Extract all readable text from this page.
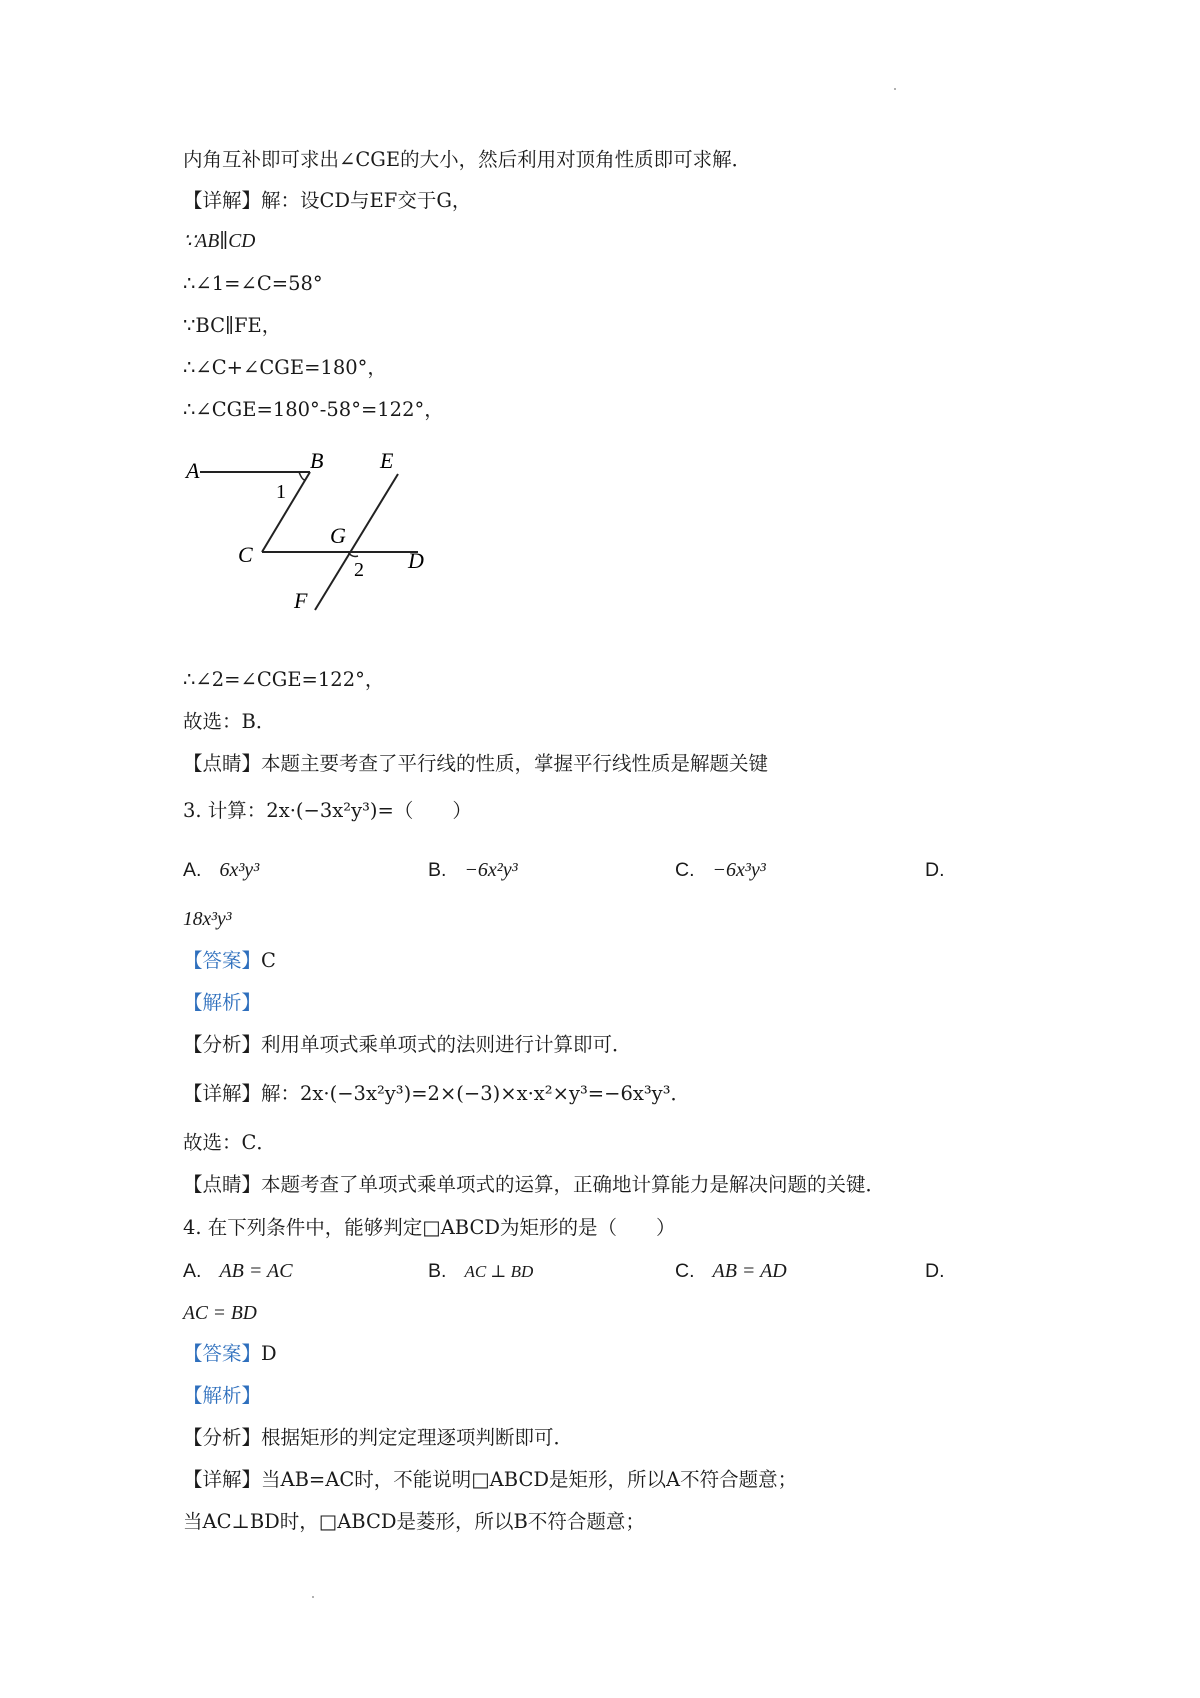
内角互补即可求出∠CGE的大小，然后利用对顶角性质即可求解．
【详解】解：设CD与EF交于G，
∵AB∥CD
∴∠1=∠C=58°
∵BC∥FE，
∴∠C+∠CGE=180°，
∴∠CGE=180°-58°=122°，
A	B	E
1
C
G
2 D
F
∴∠2=∠CGE=122°，
故选：B．
【点睛】本题主要考查了平行线的性质，掌握平行线性质是解题关键
3. 计算：2x·(−3x²y³)=（　　）
A. 6x³y³	B. −6x²y³	C. −6x³y³	D.
18x³y³
【答案】C
【解析】
【分析】利用单项式乘单项式的法则进行计算即可．
【详解】解：2x·(−3x²y³)=2×(−3)×x·x²×y³=−6x³y³．
故选：C．
【点睛】本题考查了单项式乘单项式的运算，正确地计算能力是解决问题的关键．
4. 在下列条件中，能够判定□ABCD为矩形的是（　　）
A. AB = AC	B. AC ⊥ BD	C. AB = AD	D.
AC = BD
【答案】D
【解析】
【分析】根据矩形的判定定理逐项判断即可．
【详解】当AB=AC时，不能说明□ABCD是矩形，所以A不符合题意；
当AC⊥BD时，□ABCD是菱形，所以B不符合题意；
